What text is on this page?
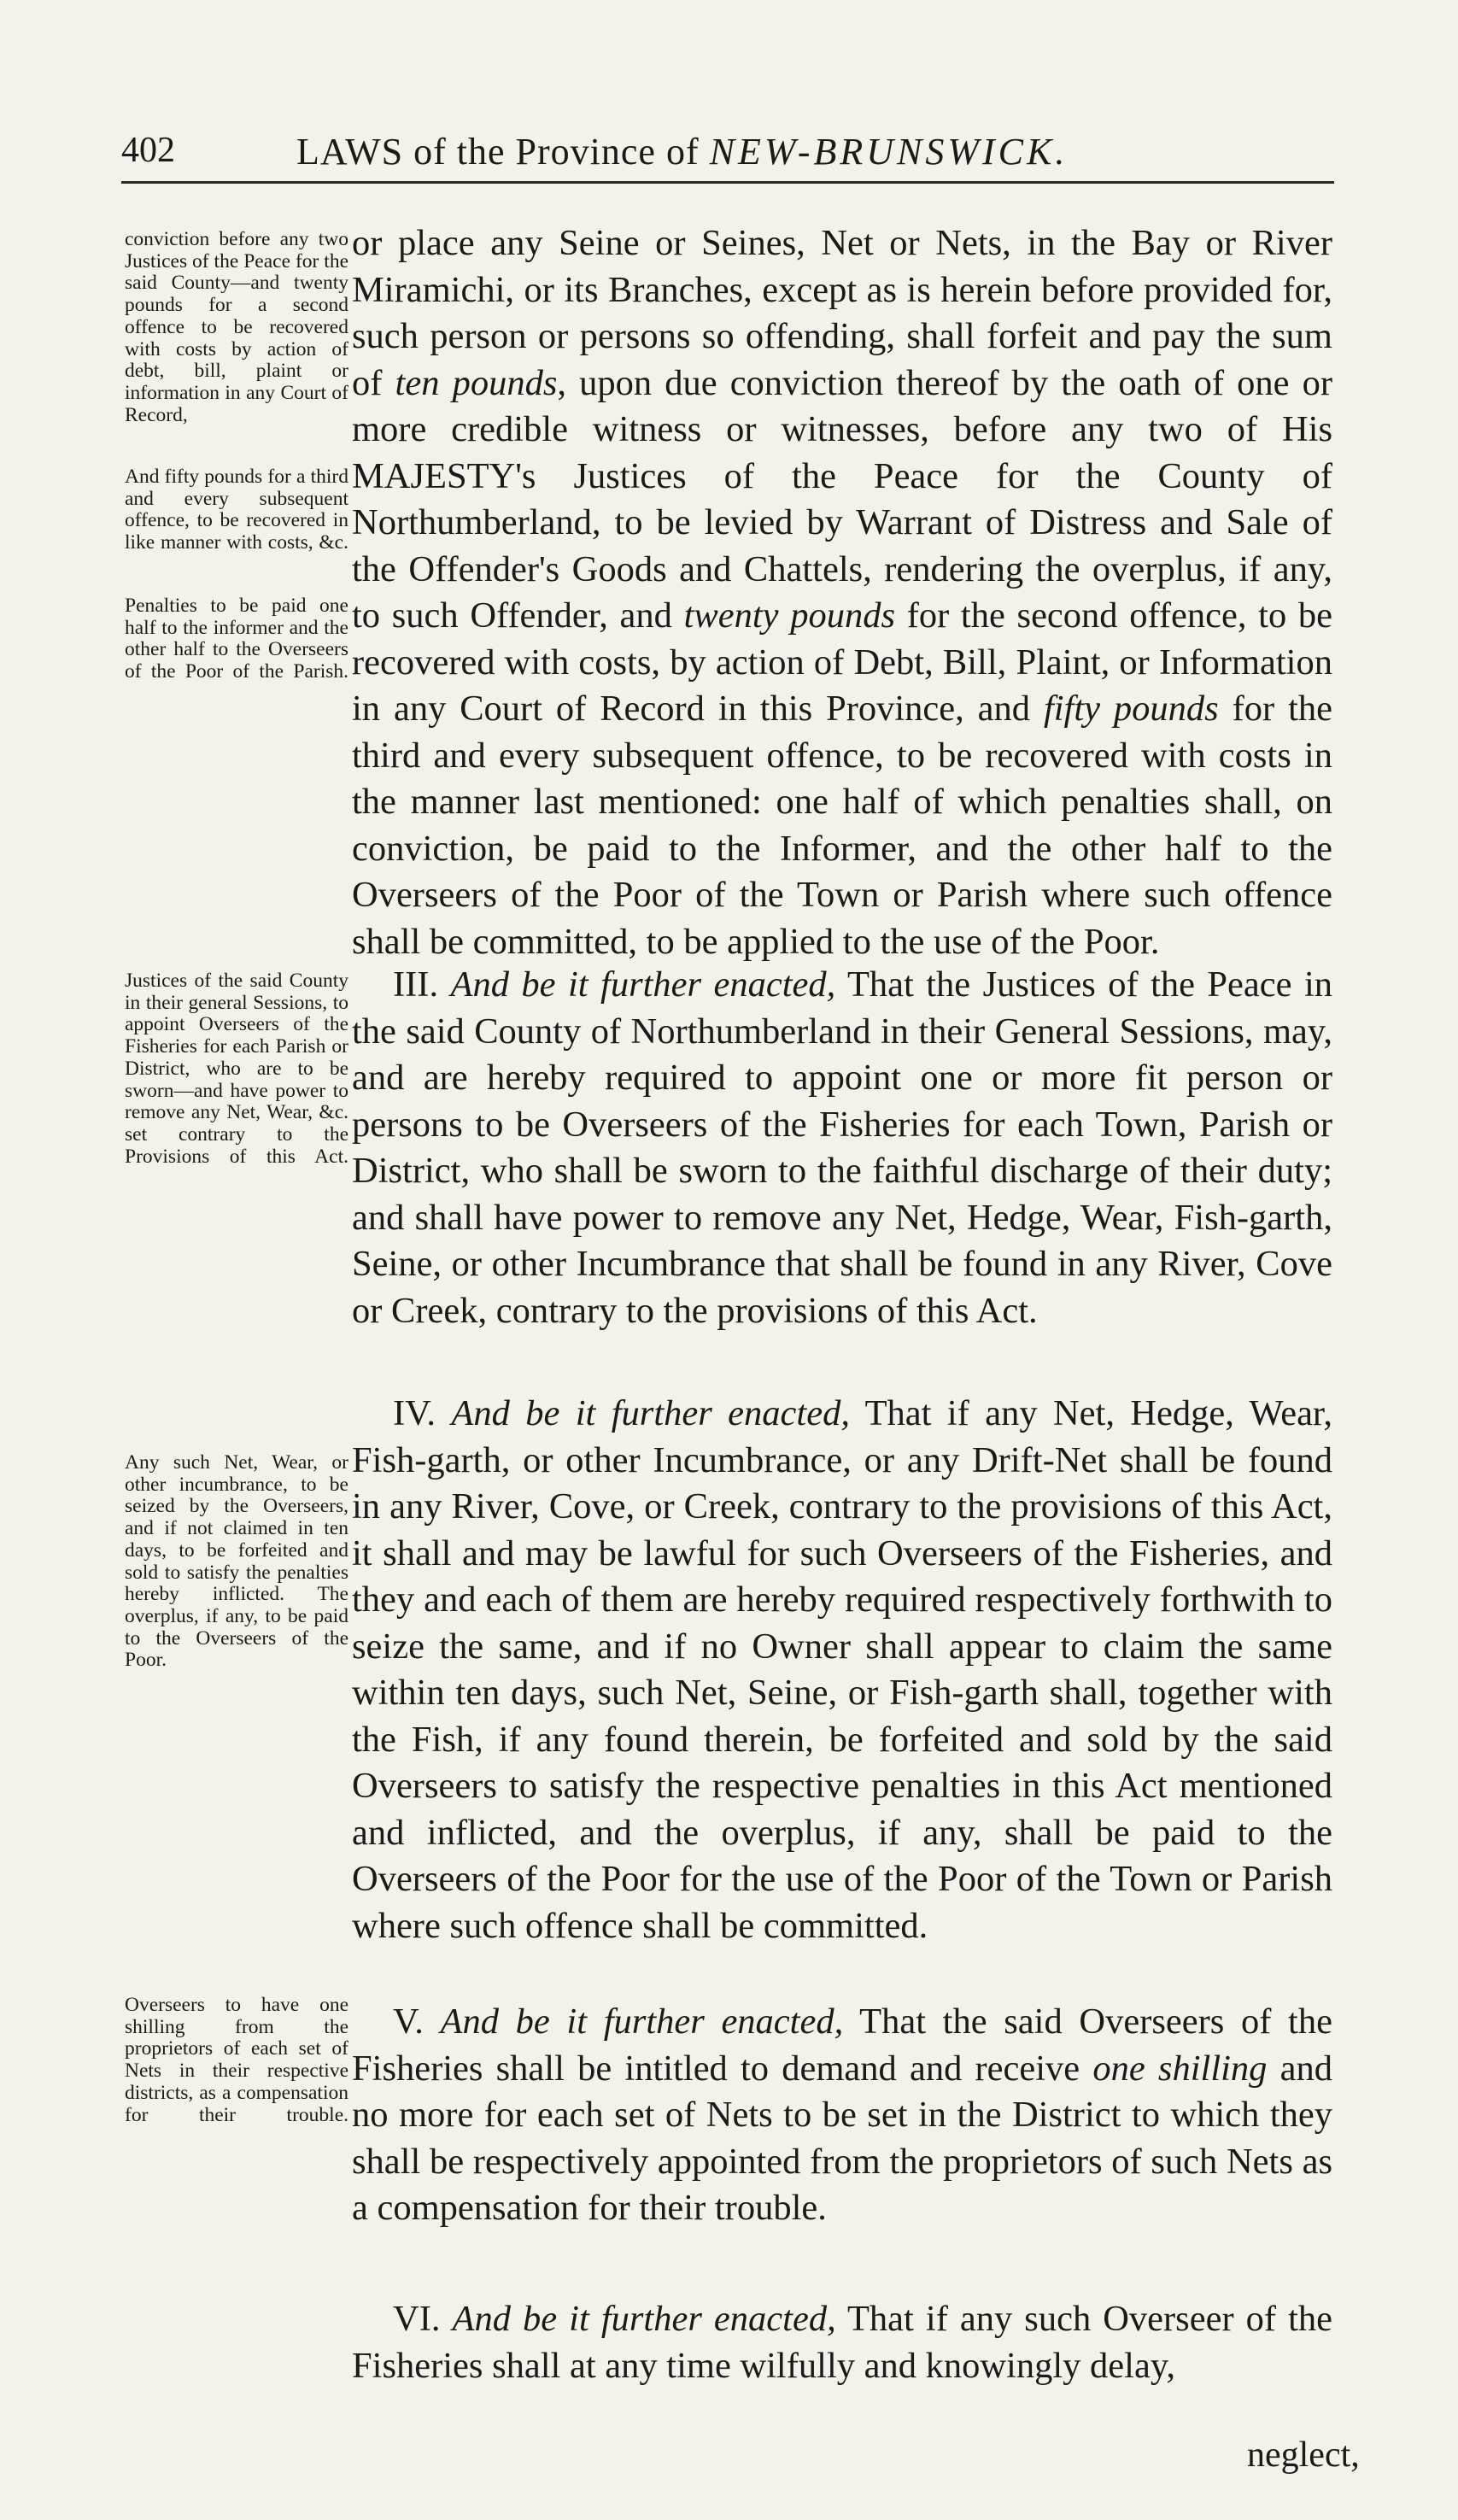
402	LAWS of the Province of NEW-BRUNSWICK.
conviction before any two Justices of the Peace for the said County—and twenty pounds for a second offence to be recovered with costs by action of debt, bill, plaint or information in any Court of Record,
And fifty pounds for a third and every subsequent offence, to be recovered in like manner with costs, &c.
Penalties to be paid one half to the informer and the other half to the Overseers of the Poor of the Parish.
Justices of the said County in their general Sessions, to appoint Overseers of the Fisheries for each Parish or District, who are to be sworn—and have power to remove any Net, Wear, &c. set contrary to the Provisions of this Act.
Any such Net, Wear, or other incumbrance, to be seized by the Overseers, and if not claimed in ten days, to be forfeited and sold to satisfy the penalties hereby inflicted. The overplus, if any, to be paid to the Overseers of the Poor.
Overseers to have one shilling from the proprietors of each set of Nets in their respective districts, as a compensation for their trouble.
or place any Seine or Seines, Net or Nets, in the Bay or River Miramichi, or its Branches, except as is herein before provided for, such person or persons so offending, shall forfeit and pay the sum of ten pounds, upon due conviction thereof by the oath of one or more credible witness or witnesses, before any two of His MAJESTY's Justices of the Peace for the County of Northumberland, to be levied by Warrant of Distress and Sale of the Offender's Goods and Chattels, rendering the overplus, if any, to such Offender, and twenty pounds for the second offence, to be recovered with costs, by action of Debt, Bill, Plaint, or Information in any Court of Record in this Province, and fifty pounds for the third and every subsequent offence, to be recovered with costs in the manner last mentioned: one half of which penalties shall, on conviction, be paid to the Informer, and the other half to the Overseers of the Poor of the Town or Parish where such offence shall be committed, to be applied to the use of the Poor.
III. And be it further enacted, That the Justices of the Peace in the said County of Northumberland in their General Sessions, may, and are hereby required to appoint one or more fit person or persons to be Overseers of the Fisheries for each Town, Parish or District, who shall be sworn to the faithful discharge of their duty; and shall have power to remove any Net, Hedge, Wear, Fish-garth, Seine, or other Incumbrance that shall be found in any River, Cove or Creek, contrary to the provisions of this Act.
IV. And be it further enacted, That if any Net, Hedge, Wear, Fish-garth, or other Incumbrance, or any Drift-Net shall be found in any River, Cove, or Creek, contrary to the provisions of this Act, it shall and may be lawful for such Overseers of the Fisheries, and they and each of them are hereby required respectively forthwith to seize the same, and if no Owner shall appear to claim the same within ten days, such Net, Seine, or Fish-garth shall, together with the Fish, if any found therein, be forfeited and sold by the said Overseers to satisfy the respective penalties in this Act mentioned and inflicted, and the overplus, if any, shall be paid to the Overseers of the Poor for the use of the Poor of the Town or Parish where such offence shall be committed.
V. And be it further enacted, That the said Overseers of the Fisheries shall be intitled to demand and receive one shilling and no more for each set of Nets to be set in the District to which they shall be respectively appointed from the proprietors of such Nets as a compensation for their trouble.
VI. And be it further enacted, That if any such Overseer of the Fisheries shall at any time wilfully and knowingly delay,
neglect,
